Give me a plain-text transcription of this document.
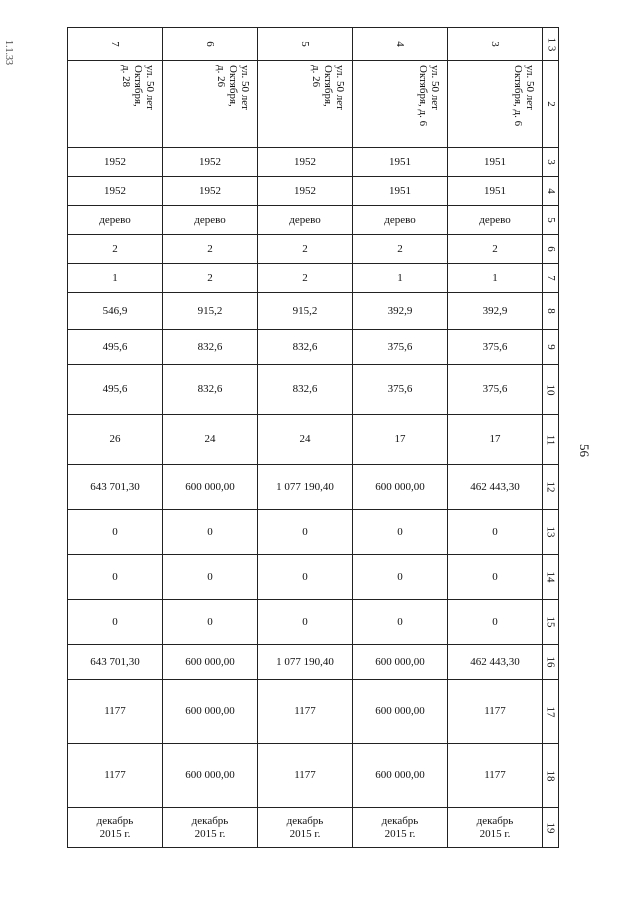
1.1.33
56
7	6	5	4	3	1 3

ул. 50 лет
Октября,
д. 28	ул. 50 лет
Октября,
д. 26	ул. 50 лет
Октября,
д. 26	ул. 50 лет
Октября, д. 6	ул. 50 лет
Октября, д. 6	2
1952	1952	1952	1951	1951	3
1952	1952	1952	1951	1951	4
дерево	дерево	дерево	дерево	дерево	5
2	2	2	2	2	6
1	2	2	1	1	7
546,9	915,2	915,2	392,9	392,9	8
495,6	832,6	832,6	375,6	375,6	9
495,6	832,6	832,6	375,6	375,6	10
26	24	24	17	17	11
643 701,30	600 000,00	1 077 190,40	600 000,00	462 443,30	12
0	0	0	0	0	13
0	0	0	0	0	14
0	0	0	0	0	15
643 701,30	600 000,00	1 077 190,40	600 000,00	462 443,30	16
1177	600 000,00	1177	600 000,00	1177	17
1177	600 000,00	1177	600 000,00	1177	18
декабрь
2015 г.	декабрь
2015 г.	декабрь
2015 г.	декабрь
2015 г.	декабрь
2015 г.	19
